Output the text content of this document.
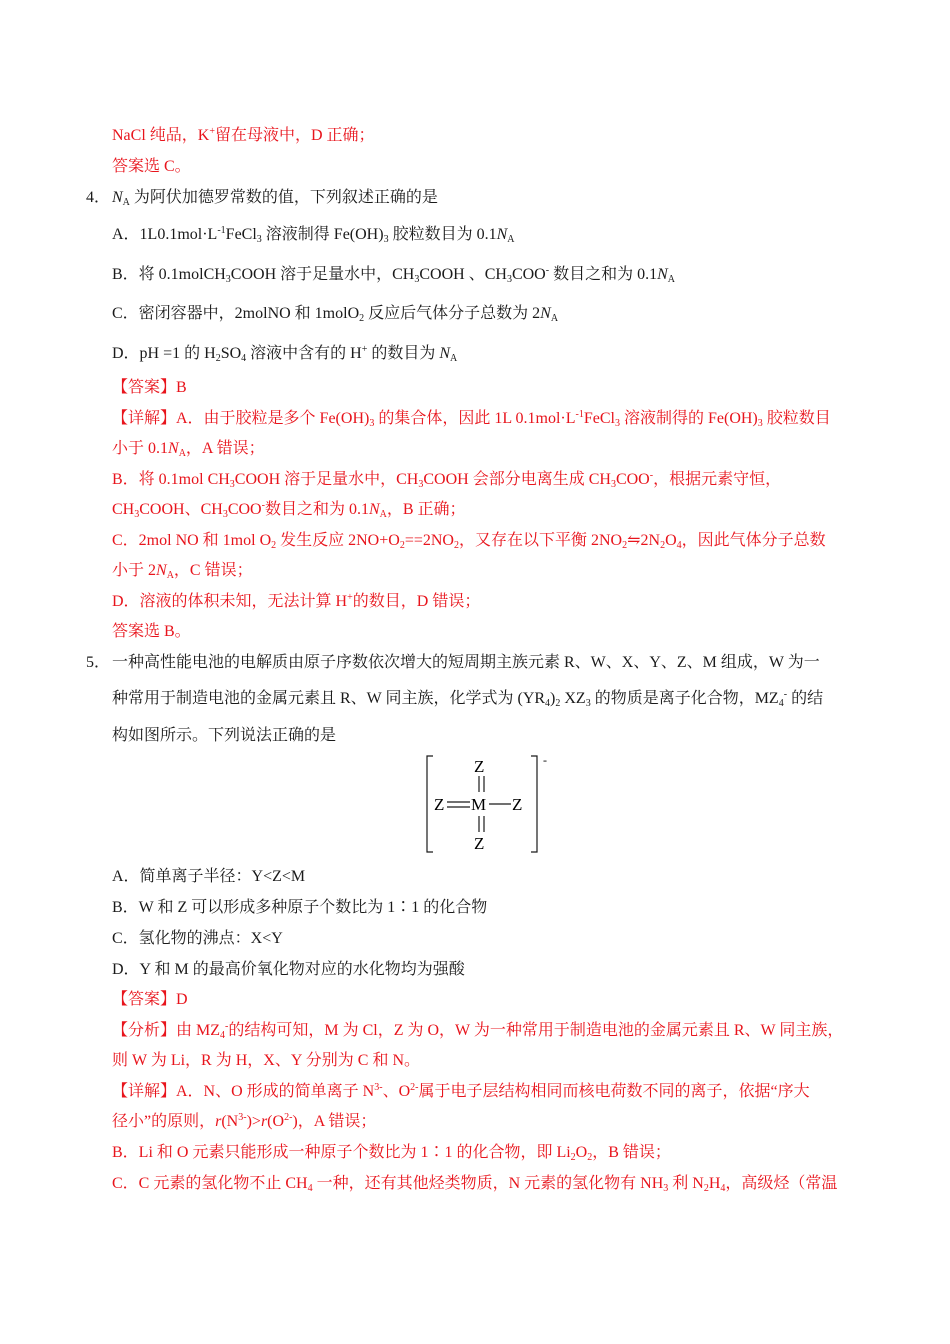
NaCl 纯品，K+留在母液中，D 正确；
答案选 C。
4． $N_A$ 为阿伏加德罗常数的值，下列叙述正确的是
A．$1L0.1mol\cdot L^{-1}FeCl_3$ 溶液制得 $Fe(OH)_3$ 胶粒数目为 $0.1N_A$
B．将 0.1molCH$_3$COOH 溶于足量水中，$CH_3COOH$ 、$CH_3COO^-$ 数目之和为 $0.1N_A$
C．密闭容器中，2molNO 和 1molO$_2$ 反应后气体分子总数为 $2N_A$
D．pH =1 的 $H_2SO_4$ 溶液中含有的 H+ 的数目为 $N_A$
【答案】B
【详解】A．由于胶粒是多个 $Fe(OH)_3$ 的集合体，因此 1L $0.1mol\cdot L^{-1}FeCl_3$ 溶液制得的 $Fe(OH)_3$ 胶粒数目
小于 $0.1N_A$，A 错误；
B．将 0.1mol $CH_3COOH$ 溶于足量水中，$CH_3COOH$ 会部分电离生成 $CH_3COO^-$，根据元素守恒，
$CH_3COOH$、$CH_3COO^-$数目之和为 $0.1N_A$，B 正确；
C．2mol NO 和 1mol $O_2$ 发生反应 $2NO+O_2==2NO_2$，又存在以下平衡 $2NO_2⇋2N_2O_4$，因此气体分子总数
小于 $2N_A$，C 错误；
D．溶液的体积未知，无法计算 H+的数目，D 错误；
答案选 B。
5． 一种高性能电池的电解质由原子序数依次增大的短周期主族元素 R、W、X、Y、Z、M 组成，W 为一
种常用于制造电池的金属元素且 R、W 同主族，化学式为 $(YR_4)_2$ $XZ_3$ 的物质是离子化合物，$MZ_4^-$ 的结
构如图所示。下列说法正确的是
-
Z
Z M Z
Z
A．简单离子半径：Y<Z<M
B．W 和 Z 可以形成多种原子个数比为 1∶1 的化合物
C．氢化物的沸点：X<Y
D．Y 和 M 的最高价氧化物对应的水化物均为强酸
【答案】D
【分析】由 $MZ_4^-$的结构可知，M 为 Cl，Z 为 O，W 为一种常用于制造电池的金属元素且 R、W 同主族，
则 W 为 Li，R 为 H，X、Y 分别为 C 和 N。
【详解】A．N、O 形成的简单离子 $N^{3-}$、$O^{2-}$属于电子层结构相同而核电荷数不同的离子，依据“序大
径小”的原则，$r(N^{3-})>r(O^{2-})$，A 错误；
B．Li 和 O 元素只能形成一种原子个数比为 1∶1 的化合物，即 $Li_2O_2$，B 错误；
C．C 元素的氢化物不止 $CH_4$ 一种，还有其他烃类物质，N 元素的氢化物有 $NH_3$ 利 $N_2H_4$，高级烃（常温
